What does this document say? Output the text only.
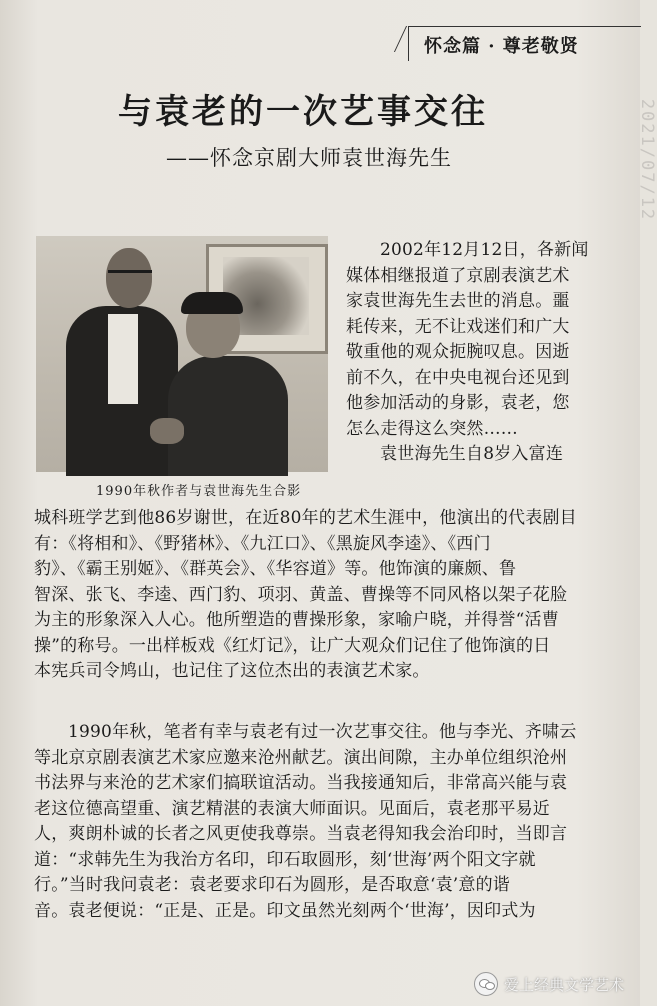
怀念篇 · 尊老敬贤
2021/07/12
与袁老的一次艺事交往
——怀念京剧大师袁世海先生
1990年秋作者与袁世海先生合影
2002年12月12日，各新闻
媒体相继报道了京剧表演艺术
家袁世海先生去世的消息。噩
耗传来，无不让戏迷们和广大
敬重他的观众扼腕叹息。因逝
前不久，在中央电视台还见到
他参加活动的身影，袁老，您
怎么走得这么突然……
袁世海先生自8岁入富连
城科班学艺到他86岁谢世，在近80年的艺术生涯中，他演出的代表剧目
有：《将相和》、《野猪林》、《九江口》、《黑旋风李逵》、《西门
豹》、《霸王别姬》、《群英会》、《华容道》等。他饰演的廉颇、鲁
智深、张飞、李逵、西门豹、项羽、黄盖、曹操等不同风格以架子花脸
为主的形象深入人心。他所塑造的曹操形象，家喻户晓，并得誉“活曹
操”的称号。一出样板戏《红灯记》，让广大观众们记住了他饰演的日
本宪兵司令鸠山，也记住了这位杰出的表演艺术家。
1990年秋，笔者有幸与袁老有过一次艺事交往。他与李光、齐啸云
等北京京剧表演艺术家应邀来沧州献艺。演出间隙，主办单位组织沧州
书法界与来沧的艺术家们搞联谊活动。当我接通知后，非常高兴能与袁
老这位德高望重、演艺精湛的表演大师面识。见面后，袁老那平易近
人，爽朗朴诚的长者之风更使我尊崇。当袁老得知我会治印时，当即言
道：“求韩先生为我治方名印，印石取圆形，刻‘世海’两个阳文字就
行。”当时我问袁老：袁老要求印石为圆形，是否取意‘袁’意的谐
音。袁老便说：“正是、正是。印文虽然光刻两个‘世海’，因印式为
爱上经典文学艺术
